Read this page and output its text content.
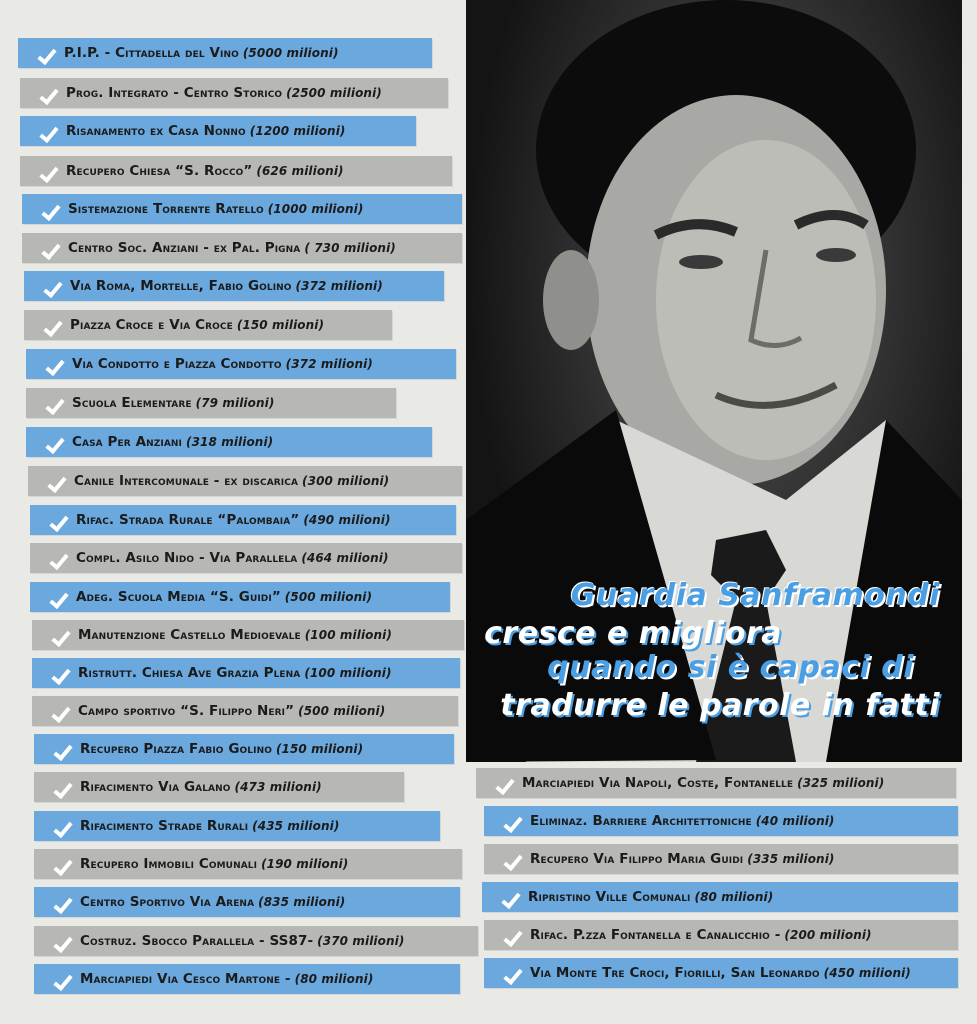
P.I.P. - Cittadella del Vino (5000 milioni)
Prog. Integrato - Centro Storico (2500 milioni)
Risanamento ex Casa Nonno (1200 milioni)
Recupero Chiesa “S. Rocco” (626 milioni)
Sistemazione Torrente Ratello (1000 milioni)
Centro Soc. Anziani - ex Pal. Pigna ( 730 milioni)
Via Roma, Mortelle, Fabio Golino (372 milioni)
Piazza Croce e Via Croce (150 milioni)
Via Condotto e Piazza Condotto (372 milioni)
Scuola Elementare (79 milioni)
Casa Per Anziani (318 milioni)
Canile Intercomunale - ex discarica (300 milioni)
Rifac. Strada Rurale “Palombaia” (490 milioni)
Compl. Asilo Nido - Via Parallela (464 milioni)
Adeg. Scuola Media “S. Guidi” (500 milioni)
Manutenzione Castello Medioevale (100 milioni)
Ristrutt. Chiesa Ave Grazia Plena (100 milioni)
Campo sportivo “S. Filippo Neri” (500 milioni)
Recupero Piazza Fabio Golino (150 milioni)
Rifacimento Via Galano (473 milioni)
Rifacimento Strade Rurali (435 milioni)
Recupero Immobili Comunali (190 milioni)
Centro Sportivo Via Arena (835 milioni)
Costruz. Sbocco Parallela - SS87- (370 milioni)
Marciapiedi Via Cesco Martone - (80 milioni)
Marciapiedi Via Napoli, Coste, Fontanelle (325 milioni)
Eliminaz. Barriere Architettoniche (40 milioni)
Recupero Via Filippo Maria Guidi (335 milioni)
Ripristino Ville Comunali (80 milioni)
Rifac. P.zza Fontanella e Canalicchio - (200 milioni)
Via Monte Tre Croci, Fiorilli, San Leonardo (450 milioni)
Guardia Sanframondi
cresce e migliora
quando si è capaci di
tradurre le parole in fatti
